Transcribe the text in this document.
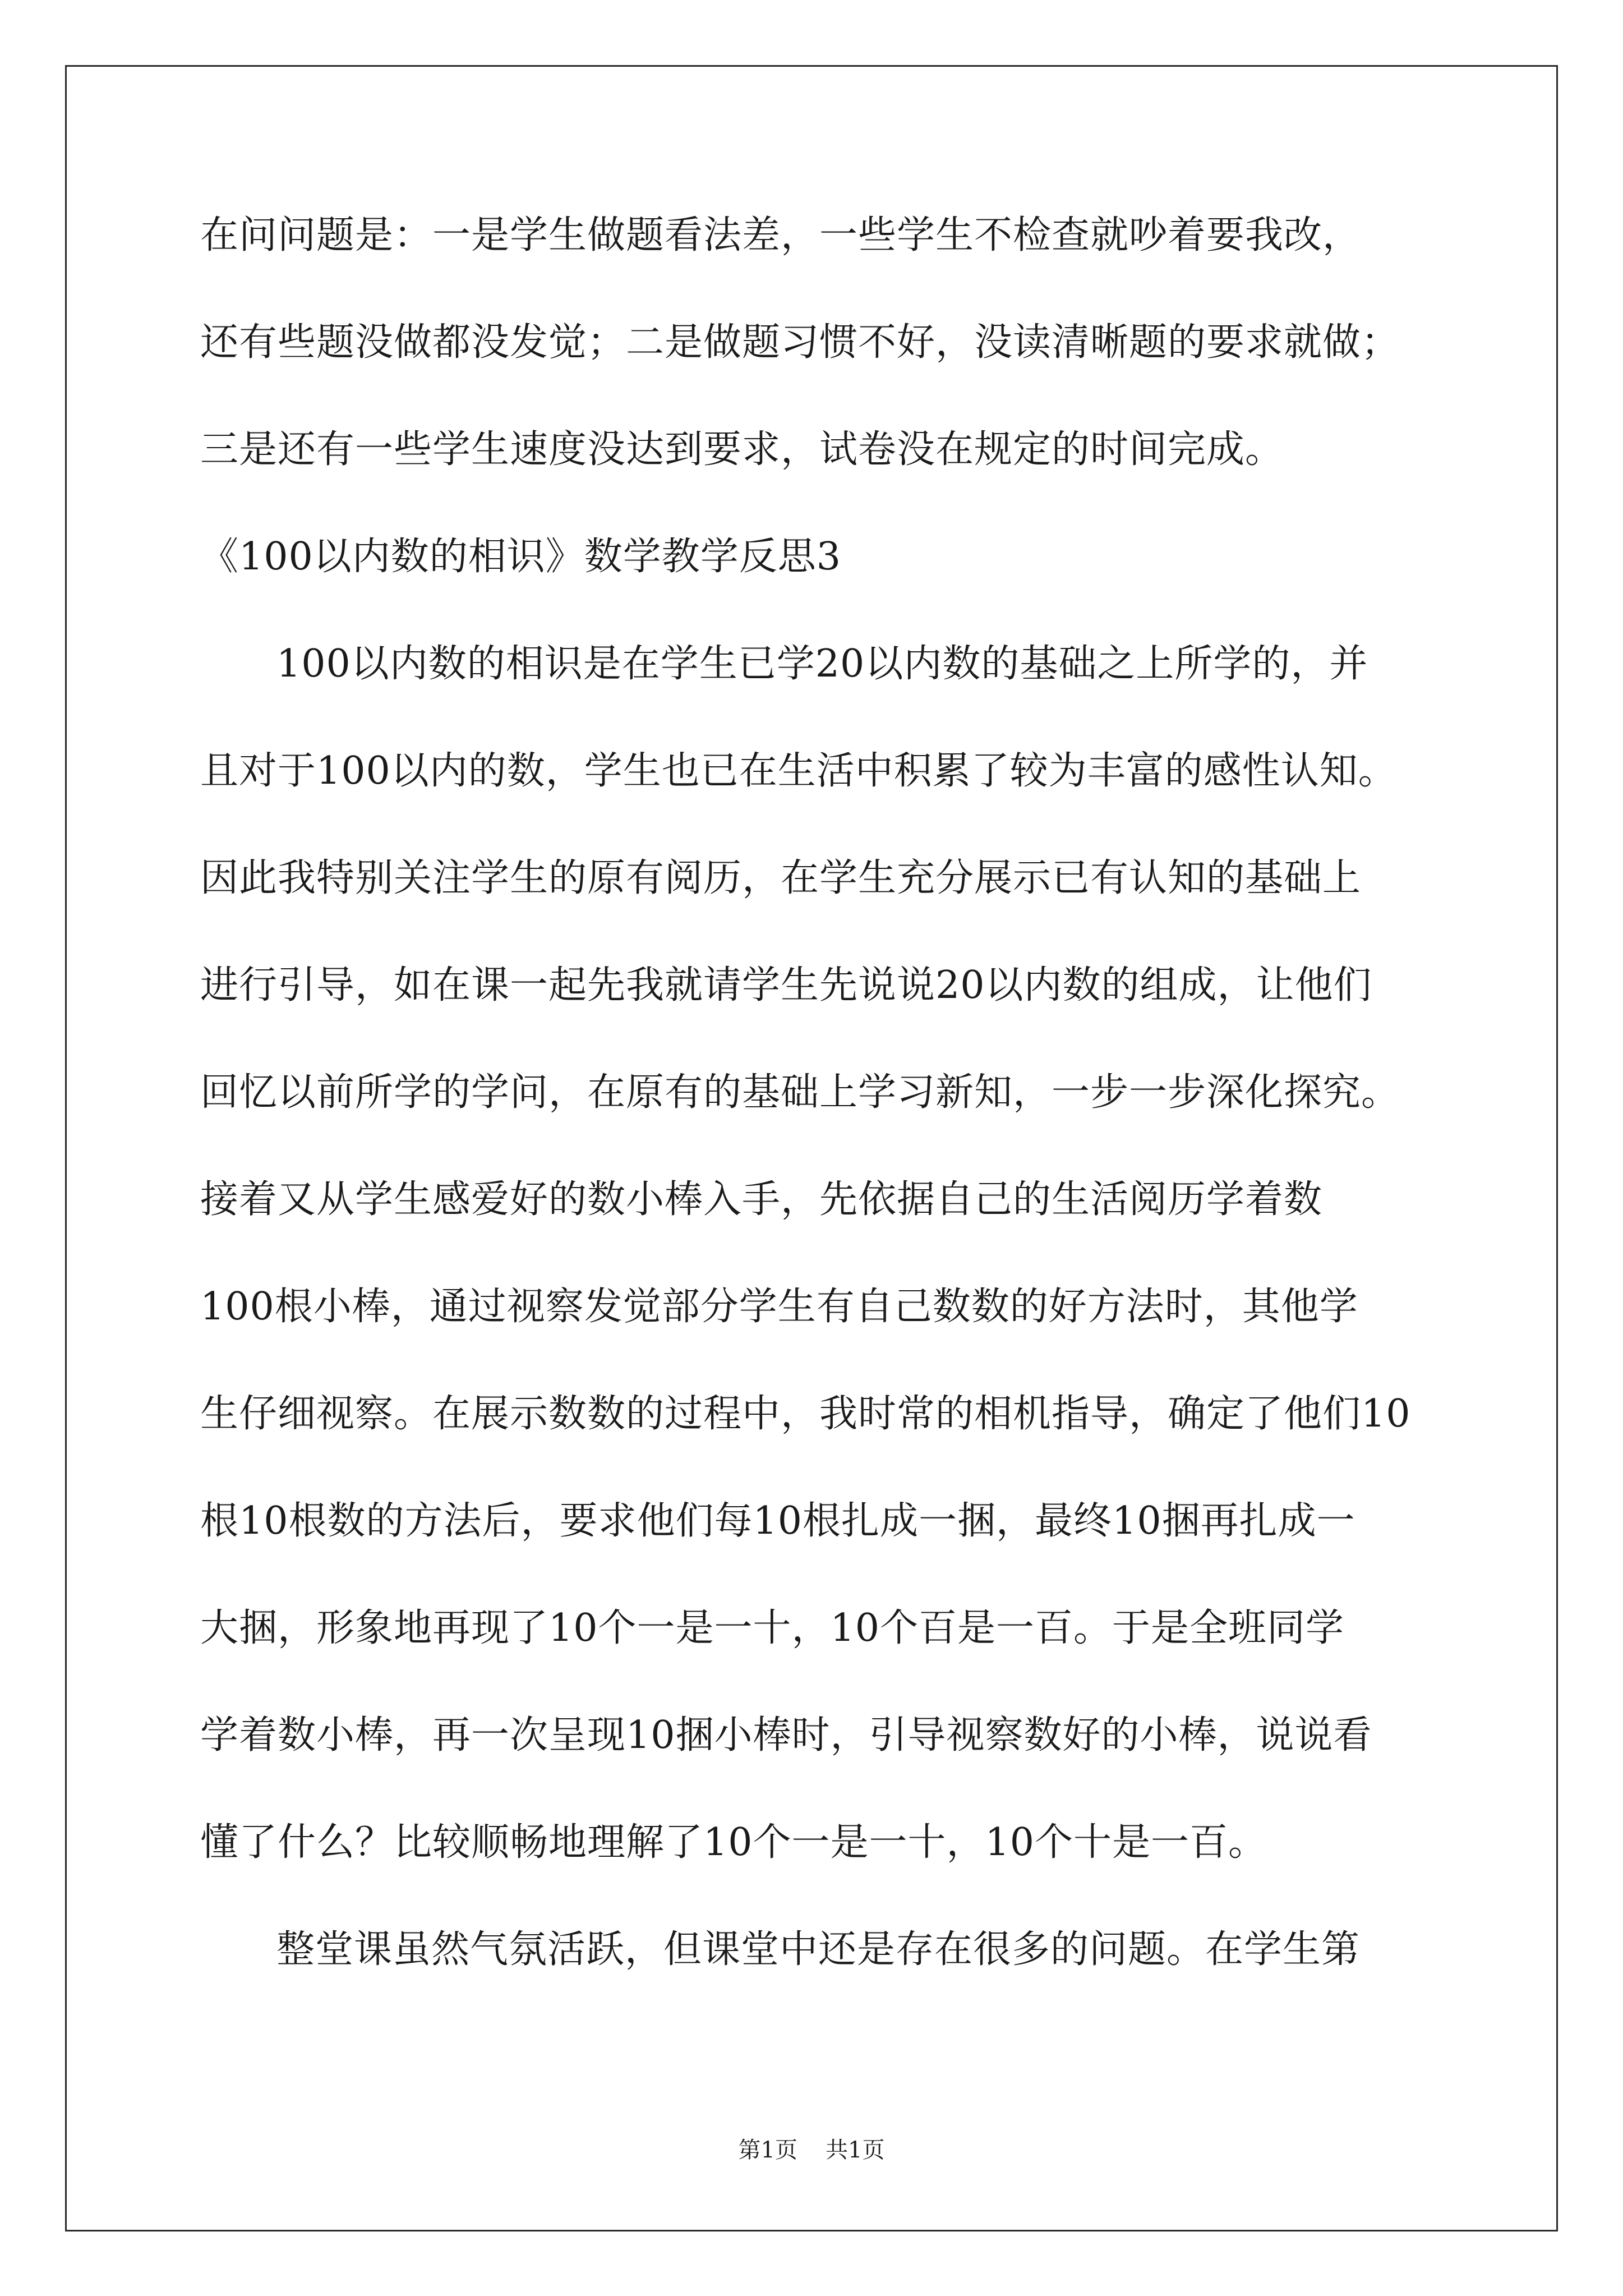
在问问题是：一是学生做题看法差，一些学生不检查就吵着要我改，
还有些题没做都没发觉；二是做题习惯不好，没读清晰题的要求就做；
三是还有一些学生速度没达到要求，试卷没在规定的时间完成。
《100以内数的相识》数学教学反思3
100以内数的相识是在学生已学20以内数的基础之上所学的，并
且对于100以内的数，学生也已在生活中积累了较为丰富的感性认知。
因此我特别关注学生的原有阅历，在学生充分展示已有认知的基础上
进行引导，如在课一起先我就请学生先说说20以内数的组成，让他们
回忆以前所学的学问，在原有的基础上学习新知，一步一步深化探究。
接着又从学生感爱好的数小棒入手，先依据自己的生活阅历学着数
100根小棒，通过视察发觉部分学生有自己数数的好方法时，其他学
生仔细视察。在展示数数的过程中，我时常的相机指导，确定了他们10
根10根数的方法后，要求他们每10根扎成一捆，最终10捆再扎成一
大捆，形象地再现了10个一是一十，10个百是一百。于是全班同学
学着数小棒，再一次呈现10捆小棒时，引导视察数好的小棒，说说看
懂了什么？比较顺畅地理解了10个一是一十，10个十是一百。
整堂课虽然气氛活跃，但课堂中还是存在很多的问题。在学生第
第1页 共1页
